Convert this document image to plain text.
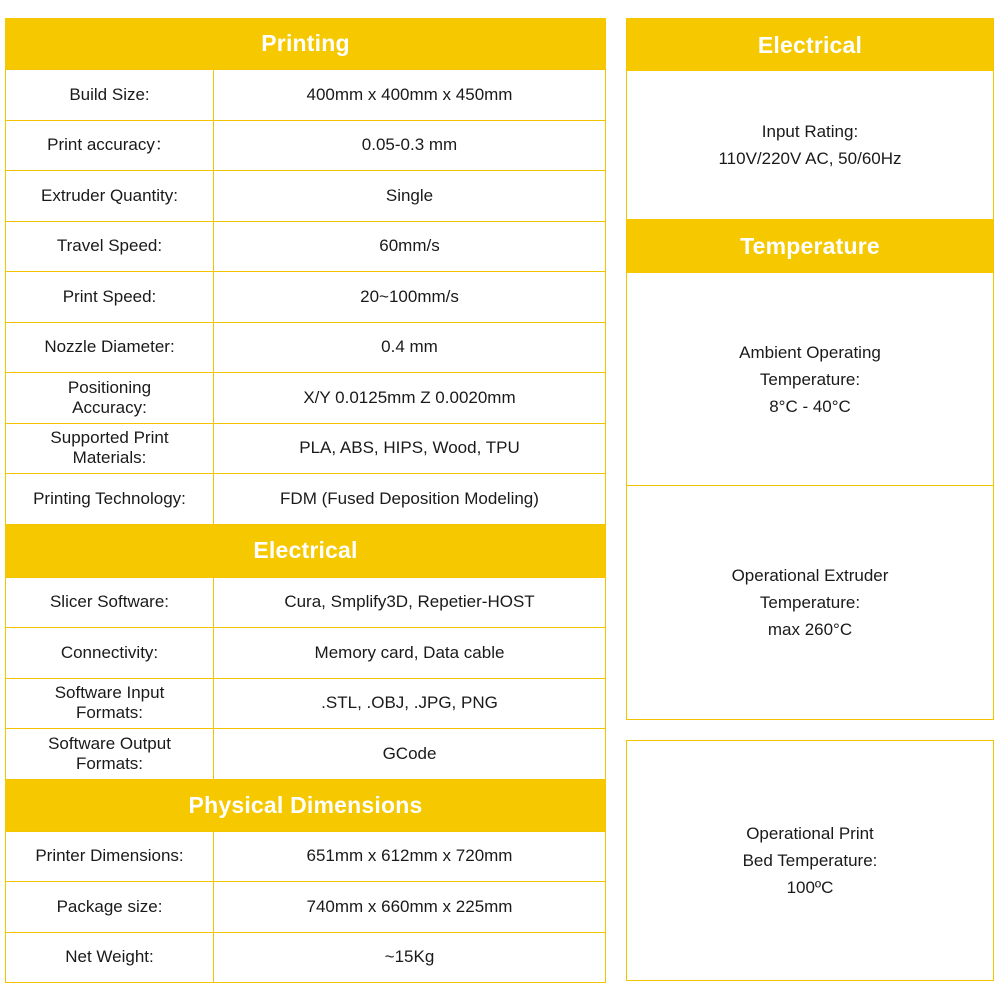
Printing
Build Size:	400mm x 400mm x 450mm
Print accuracy：	0.05-0.3 mm
Extruder Quantity:	Single
Travel Speed:	60mm/s
Print Speed:	20~100mm/s
Nozzle Diameter:	0.4 mm
Positioning Accuracy:	X/Y 0.0125mm Z 0.0020mm
Supported Print Materials:	PLA, ABS, HIPS, Wood, TPU
Printing Technology:	FDM (Fused Deposition Modeling)
Electrical
Slicer Software:	Cura, Smplify3D, Repetier-HOST
Connectivity:	Memory card, Data cable
Software Input Formats:	.STL, .OBJ, .JPG, PNG
Software Output Formats:	GCode
Physical Dimensions
Printer Dimensions:	651mm x 612mm x 720mm
Package size:	740mm x 660mm x 225mm
Net Weight:	~15Kg
Electrical
Input Rating:
110V/220V AC, 50/60Hz
Temperature
Ambient Operating
Temperature:
8°C - 40°C
Operational Extruder
Temperature:
max 260°C
Operational Print
Bed Temperature:
100ºC
